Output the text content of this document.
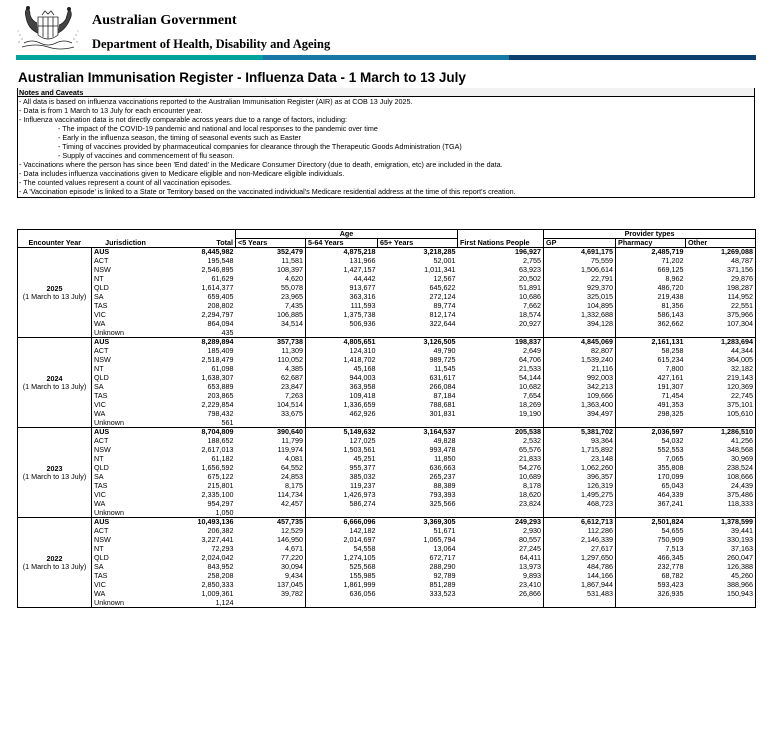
Australian Government
Department of Health, Disability and Ageing
Australian Immunisation Register - Influenza Data - 1 March to 13 July
Notes and Caveats
- All data is based on influenza vaccinations reported to the Australian Immunisation Register (AIR) as at COB 13 July 2025.
- Data is from 1 March to 13 July for each encounter year.
- Influenza vaccination data is not directly comparable across years due to a range of factors, including:
- The impact of the COVID-19 pandemic and national and local responses to the pandemic over time
- Early in the influenza season, the timing of seasonal events such as Easter
- Timing of vaccines provided by pharmaceutical companies for clearance through the Therapeutic Goods Administration (TGA)
- Supply of vaccines and commencement of flu season.
- Vaccinations where the person has since been 'End dated' in the Medicare Consumer Directory (due to death, emigration, etc) are included in the data.
- Data includes influenza vaccinations given to Medicare eligible and non-Medicare eligible individuals.
- The counted values represent a count of all vaccination episodes.
- A 'Vaccination episode' is linked to a State or Territory based on the vaccinated individual's Medicare residential address at the time of this report's creation.
			Age				Provider types		
Encounter Year	Jurisdiction	Total	<5 Years	5-64 Years	65+ Years	First Nations People	GP	Pharmacy	Other

2025
(1 March to 13 July)	AUS	8,445,982	352,479	4,875,218	3,218,285	196,927	4,691,175	2,485,719	1,269,088
	ACT	195,548	11,581	131,966	52,001	2,755	75,559	71,202	48,787
	NSW	2,546,895	108,397	1,427,157	1,011,341	63,923	1,506,614	669,125	371,156
	NT	61,629	4,620	44,442	12,567	20,502	22,791	8,962	29,876
	QLD	1,614,377	55,078	913,677	645,622	51,891	929,370	486,720	198,287
	SA	659,405	23,965	363,316	272,124	10,686	325,015	219,438	114,952
	TAS	208,802	7,435	111,593	89,774	7,662	104,895	81,356	22,551
	VIC	2,294,797	106,885	1,375,738	812,174	18,574	1,332,688	586,143	375,966
	WA	864,094	34,514	506,936	322,644	20,927	394,128	362,662	107,304
	Unknown	435							

2024
(1 March to 13 July)	AUS	8,289,894	357,738	4,805,651	3,126,505	198,837	4,845,069	2,161,131	1,283,694
	ACT	185,409	11,309	124,310	49,790	2,649	82,807	58,258	44,344
	NSW	2,518,479	110,052	1,418,702	989,725	64,706	1,539,240	615,234	364,005
	NT	61,098	4,385	45,168	11,545	21,533	21,116	7,800	32,182
	QLD	1,638,307	62,687	944,003	631,617	54,144	992,003	427,161	219,143
	SA	653,889	23,847	363,958	266,084	10,682	342,213	191,307	120,369
	TAS	203,865	7,263	109,418	87,184	7,654	109,666	71,454	22,745
	VIC	2,229,854	104,514	1,336,659	788,681	18,269	1,363,400	491,353	375,101
	WA	798,432	33,675	462,926	301,831	19,190	394,497	298,325	105,610
	Unknown	561							

2023
(1 March to 13 July)	AUS	8,704,809	390,640	5,149,632	3,164,537	205,538	5,381,702	2,036,597	1,286,510
	ACT	188,652	11,799	127,025	49,828	2,532	93,364	54,032	41,256
	NSW	2,617,013	119,974	1,503,561	993,478	65,576	1,715,892	552,553	348,568
	NT	61,182	4,081	45,251	11,850	21,833	23,148	7,065	30,969
	QLD	1,656,592	64,552	955,377	636,663	54,276	1,062,260	355,808	238,524
	SA	675,122	24,853	385,032	265,237	10,689	396,357	170,099	108,666
	TAS	215,801	8,175	119,237	88,389	8,178	126,319	65,043	24,439
	VIC	2,335,100	114,734	1,426,973	793,393	18,620	1,495,275	464,339	375,486
	WA	954,297	42,457	586,274	325,566	23,824	468,723	367,241	118,333
	Unknown	1,050							

2022
(1 March to 13 July)	AUS	10,493,136	457,735	6,666,096	3,369,305	249,293	6,612,713	2,501,824	1,378,599
	ACT	206,382	12,529	142,182	51,671	2,930	112,286	54,655	39,441
	NSW	3,227,441	146,950	2,014,697	1,065,794	80,557	2,146,339	750,909	330,193
	NT	72,293	4,671	54,558	13,064	27,245	27,617	7,513	37,163
	QLD	2,024,042	77,220	1,274,105	672,717	64,411	1,297,650	466,345	260,047
	SA	843,952	30,094	525,568	288,290	13,973	484,786	232,778	126,388
	TAS	258,208	9,434	155,985	92,789	9,893	144,166	68,782	45,260
	VIC	2,850,333	137,045	1,861,999	851,289	23,410	1,867,944	593,423	388,966
	WA	1,009,361	39,782	636,056	333,523	26,866	531,483	326,935	150,943
	Unknown	1,124							
